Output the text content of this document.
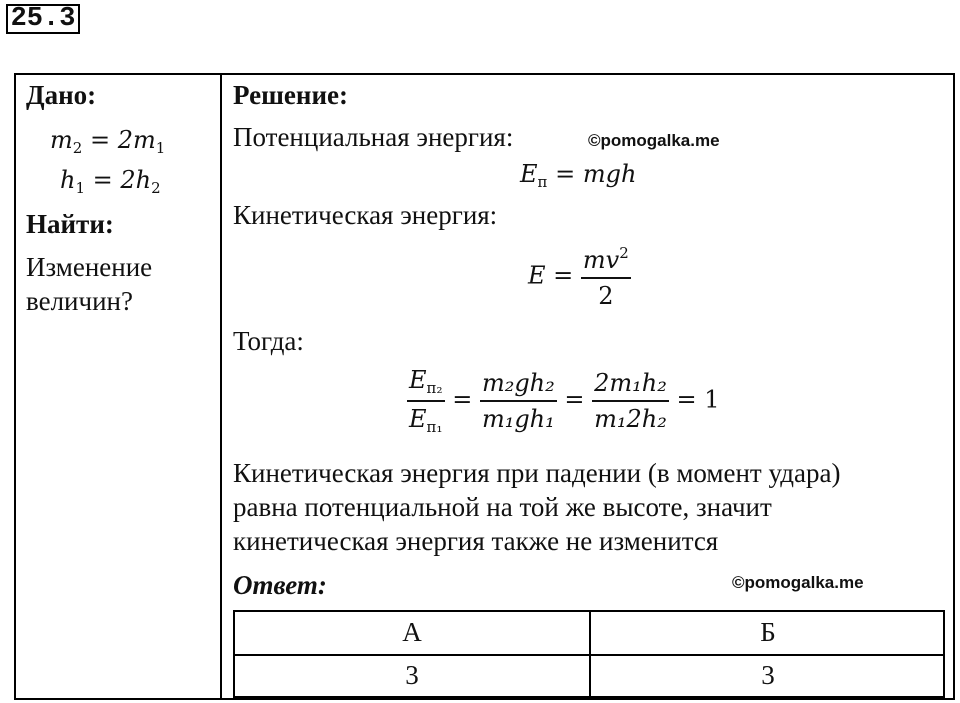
25.3
Дано:
$m_2 = 2m_1$
$h_1 = 2h_2$
Найти:
Изменение
величин?
Решение:
Потенциальная энергия:	©pomogalka.me
$E_п$ = mgh
Кинетическая энергия:
$E = \frac{mv^2}{2}$
Тогда:
$\frac{E_{п_2}}{E_{п_1}} = \frac{\text{m₂gh₂}}{\text{m₁gh₁}} = \frac{\text{2m₁h₂}}{\text{m₁2h₂}} = 1$
Кинетическая энергия при падении (в момент удара)
равна потенциальной на той же высоте, значит
кинетическая энергия также не изменится
Ответ:	©pomogalka.me
А	Б
3	3
